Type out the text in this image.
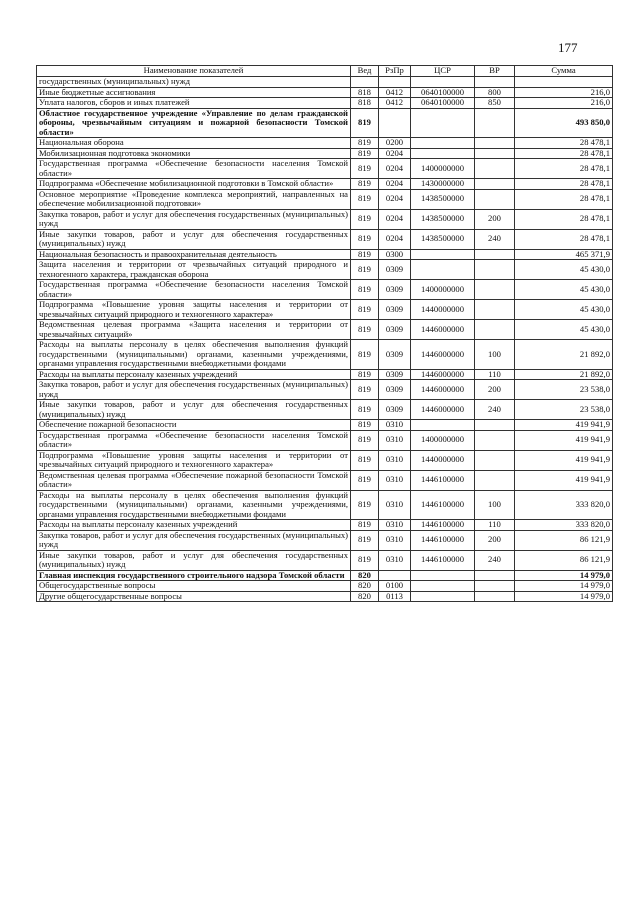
177
Наименование показателей	Вед	РзПр	ЦСР	ВР	Сумма
государственных (муниципальных) нужд					
Иные бюджетные ассигнования	818	0412	0640100000	800	216,0
Уплата налогов, сборов и иных платежей	818	0412	0640100000	850	216,0
Областное государственное учреждение «Управление по делам гражданской обороны, чрезвычайным ситуациям и пожарной безопасности Томской области»	819				493 850,0
Национальная оборона	819	0200			28 478,1
Мобилизационная подготовка экономики	819	0204			28 478,1
Государственная программа «Обеспечение безопасности населения Томской области»	819	0204	1400000000		28 478,1
Подпрограмма «Обеспечение мобилизационной подготовки в Томской области»	819	0204	1430000000		28 478,1
Основное мероприятие «Проведение комплекса мероприятий, направленных на обеспечение мобилизационной подготовки»	819	0204	1438500000		28 478,1
Закупка товаров, работ и услуг для обеспечения государственных (муниципальных) нужд	819	0204	1438500000	200	28 478,1
Иные закупки товаров, работ и услуг для обеспечения государственных (муниципальных) нужд	819	0204	1438500000	240	28 478,1
Национальная безопасность и правоохранительная деятельность	819	0300			465 371,9
Защита населения и территории от чрезвычайных ситуаций природного и техногенного характера, гражданская оборона	819	0309			45 430,0
Государственная программа «Обеспечение безопасности населения Томской области»	819	0309	1400000000		45 430,0
Подпрограмма «Повышение уровня защиты населения и территории от чрезвычайных ситуаций природного и техногенного характера»	819	0309	1440000000		45 430,0
Ведомственная целевая программа «Защита населения и территории от чрезвычайных ситуаций»	819	0309	1446000000		45 430,0
Расходы на выплаты персоналу в целях обеспечения выполнения функций государственными (муниципальными) органами, казенными учреждениями, органами управления государственными внебюджетными фондами	819	0309	1446000000	100	21 892,0
Расходы на выплаты персоналу казенных учреждений	819	0309	1446000000	110	21 892,0
Закупка товаров, работ и услуг для обеспечения государственных (муниципальных) нужд	819	0309	1446000000	200	23 538,0
Иные закупки товаров, работ и услуг для обеспечения государственных (муниципальных) нужд	819	0309	1446000000	240	23 538,0
Обеспечение пожарной безопасности	819	0310			419 941,9
Государственная программа «Обеспечение безопасности населения Томской области»	819	0310	1400000000		419 941,9
Подпрограмма «Повышение уровня защиты населения и территории от чрезвычайных ситуаций природного и техногенного характера»	819	0310	1440000000		419 941,9
Ведомственная целевая программа «Обеспечение пожарной безопасности Томской области»	819	0310	1446100000		419 941,9
Расходы на выплаты персоналу в целях обеспечения выполнения функций государственными (муниципальными) органами, казенными учреждениями, органами управления государственными внебюджетными фондами	819	0310	1446100000	100	333 820,0
Расходы на выплаты персоналу казенных учреждений	819	0310	1446100000	110	333 820,0
Закупка товаров, работ и услуг для обеспечения государственных (муниципальных) нужд	819	0310	1446100000	200	86 121,9
Иные закупки товаров, работ и услуг для обеспечения государственных (муниципальных) нужд	819	0310	1446100000	240	86 121,9
Главная инспекция государственного строительного надзора Томской области	820				14 979,0
Общегосударственные вопросы	820	0100			14 979,0
Другие общегосударственные вопросы	820	0113			14 979,0
